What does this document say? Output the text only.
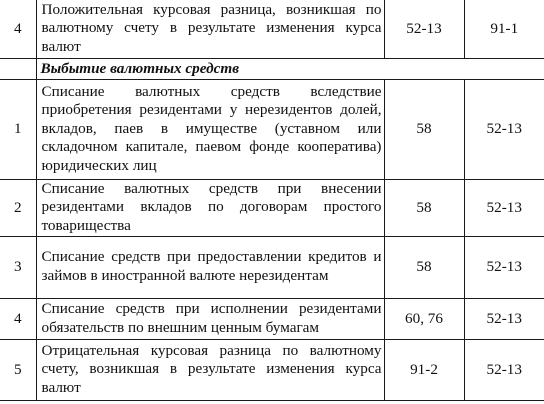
4	Положительная курсовая разница, возникшая по валютному счету в результате изменения курса валют	52-13	91-1
	Выбытие валютных средств		
1	Списание валютных средств вследствие приобретения резидентами у нерезидентов долей, вкладов, паев в имуществе (уставном или складочном капитале, паевом фонде кооператива) юридических лиц	58	52-13
2	Списание валютных средств при внесении резидентами вкладов по договорам простого товарищества	58	52-13
3	Списание средств при предоставлении кредитов и займов в иностранной валюте нерезидентам	58	52-13
4	Списание средств при исполнении резидентами обязательств по внешним ценным бумагам	60, 76	52-13
5	Отрицательная курсовая разница по валютному счету, возникшая в результате изменения курса валют	91-2	52-13
